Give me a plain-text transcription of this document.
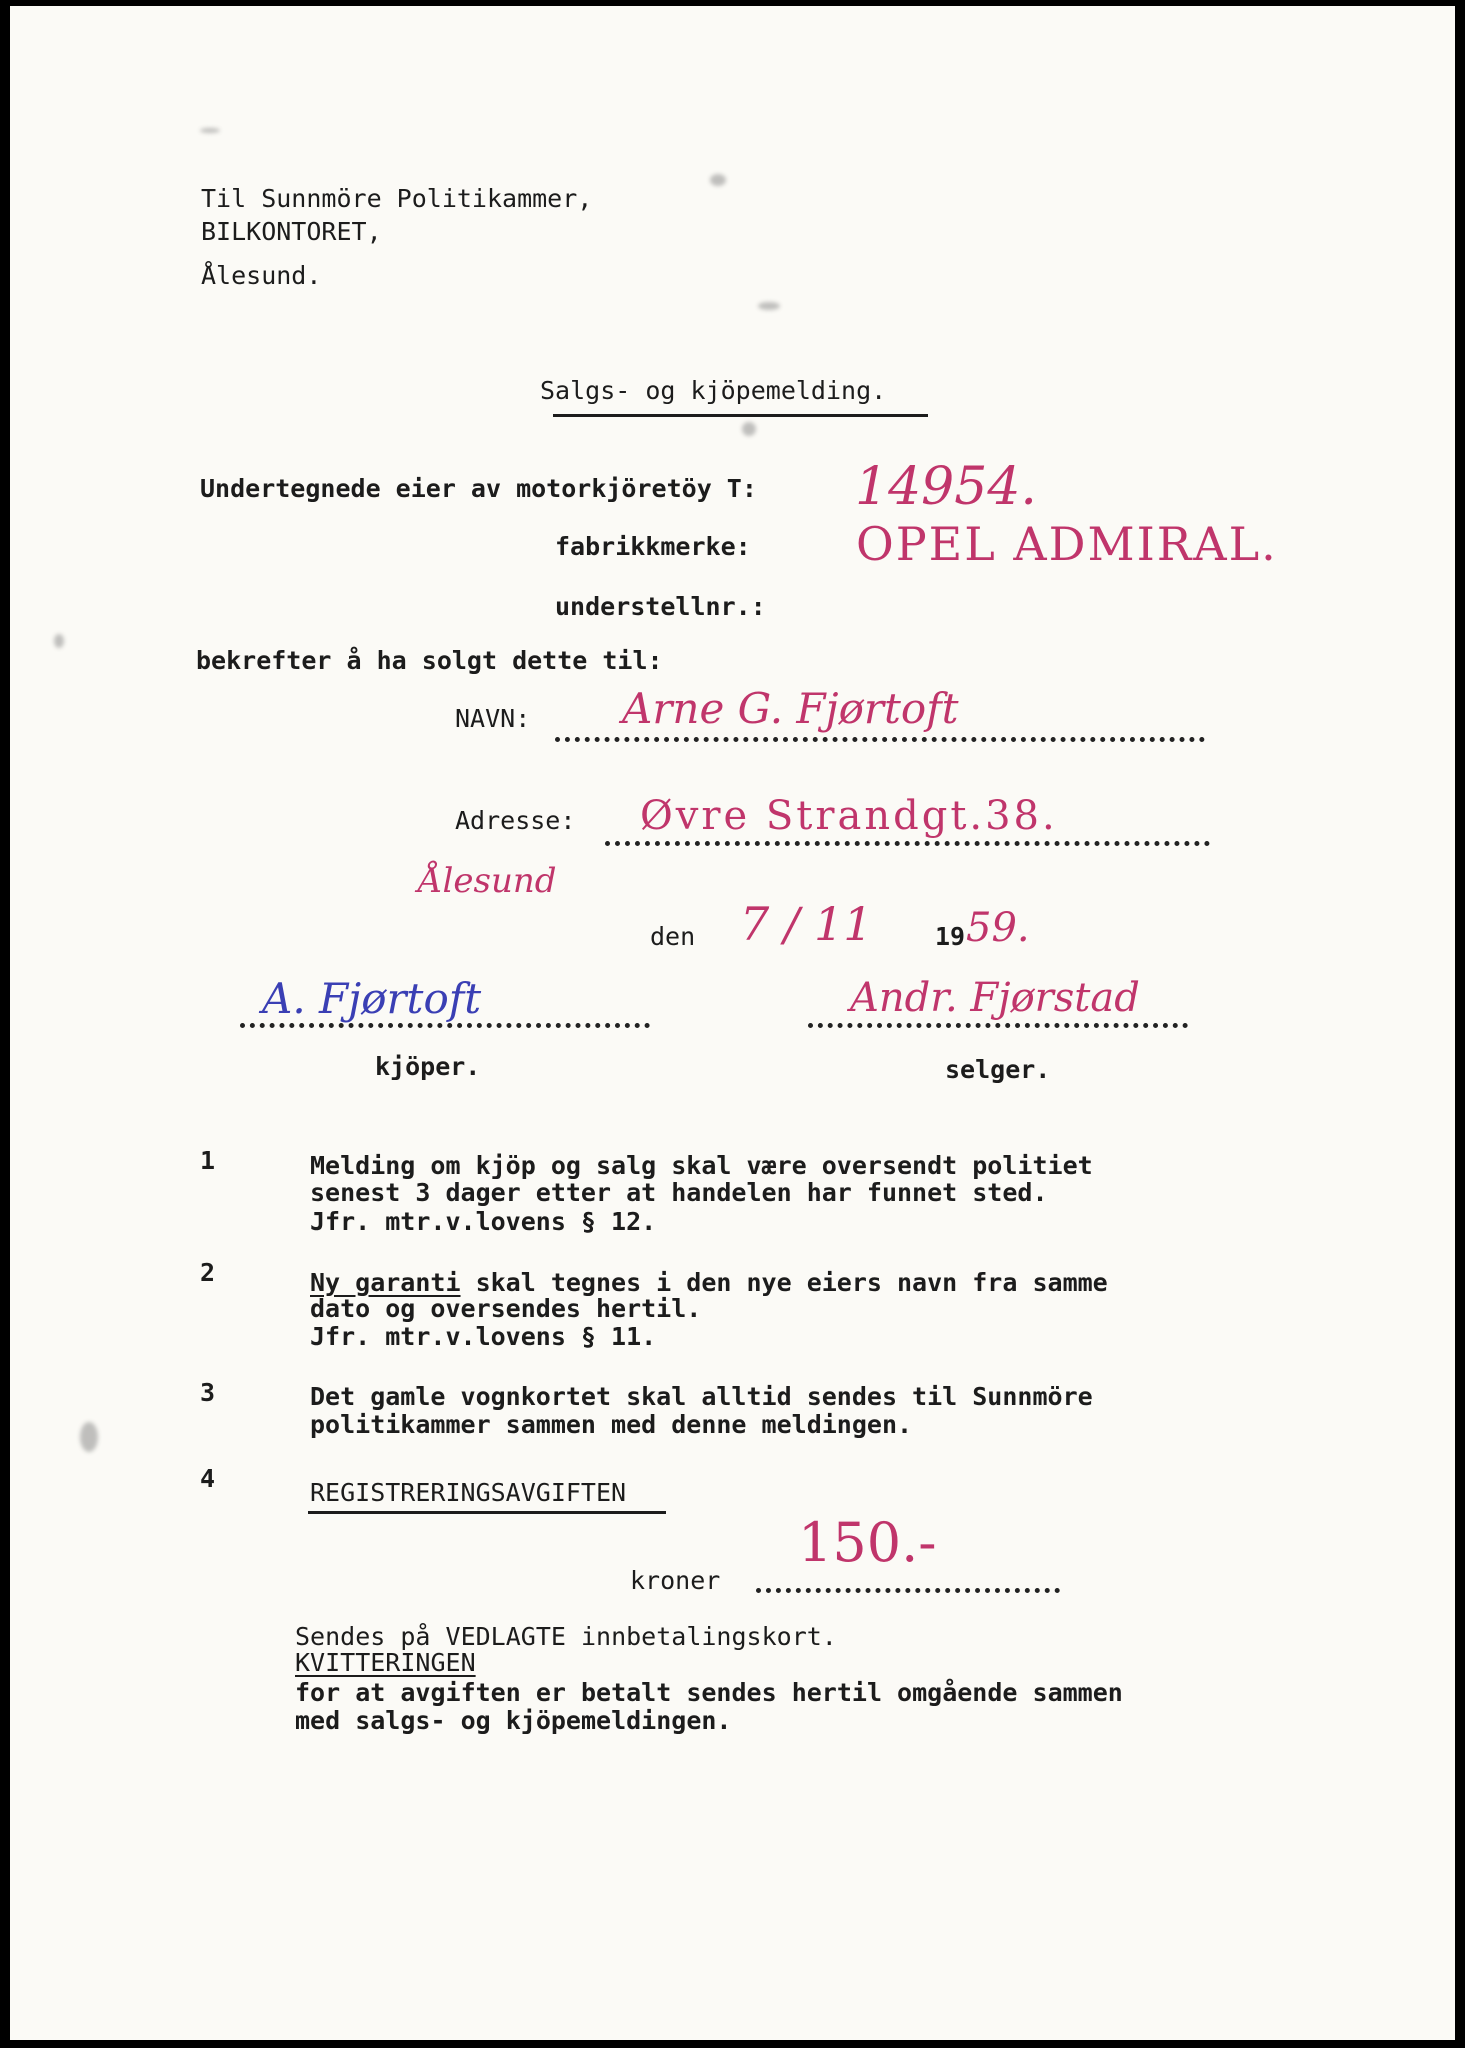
Til Sunnmöre Politikammer,
BILKONTORET,
Ålesund.
Salgs- og kjöpemelding.
Undertegnede eier av motorkjöretöy T: 14954.
fabrikkmerke: OPEL ADMIRAL.
understellnr.:
bekrefter å ha solgt dette til:
NAVN: Arne G. Fjørtoft
Adresse: Øvre Strandgt.38.
Ålesund
den 7 / 11 19 59.
A. Fjørtoft
kjöper.
Andr. Fjørstad
selger.
1	Melding om kjöp og salg skal være oversendt politiet
senest 3 dager etter at handelen har funnet sted.
Jfr. mtr.v.lovens § 12.
2	Ny garanti skal tegnes i den nye eiers navn fra samme
dato og oversendes hertil.
Jfr. mtr.v.lovens § 11.
3	Det gamle vognkortet skal alltid sendes til Sunnmöre
politikammer sammen med denne meldingen.
4	REGISTRERINGSAVGIFTEN
kroner
150.-
Sendes på VEDLAGTE innbetalingskort.
KVITTERINGEN
for at avgiften er betalt sendes hertil omgående sammen
med salgs- og kjöpemeldingen.
